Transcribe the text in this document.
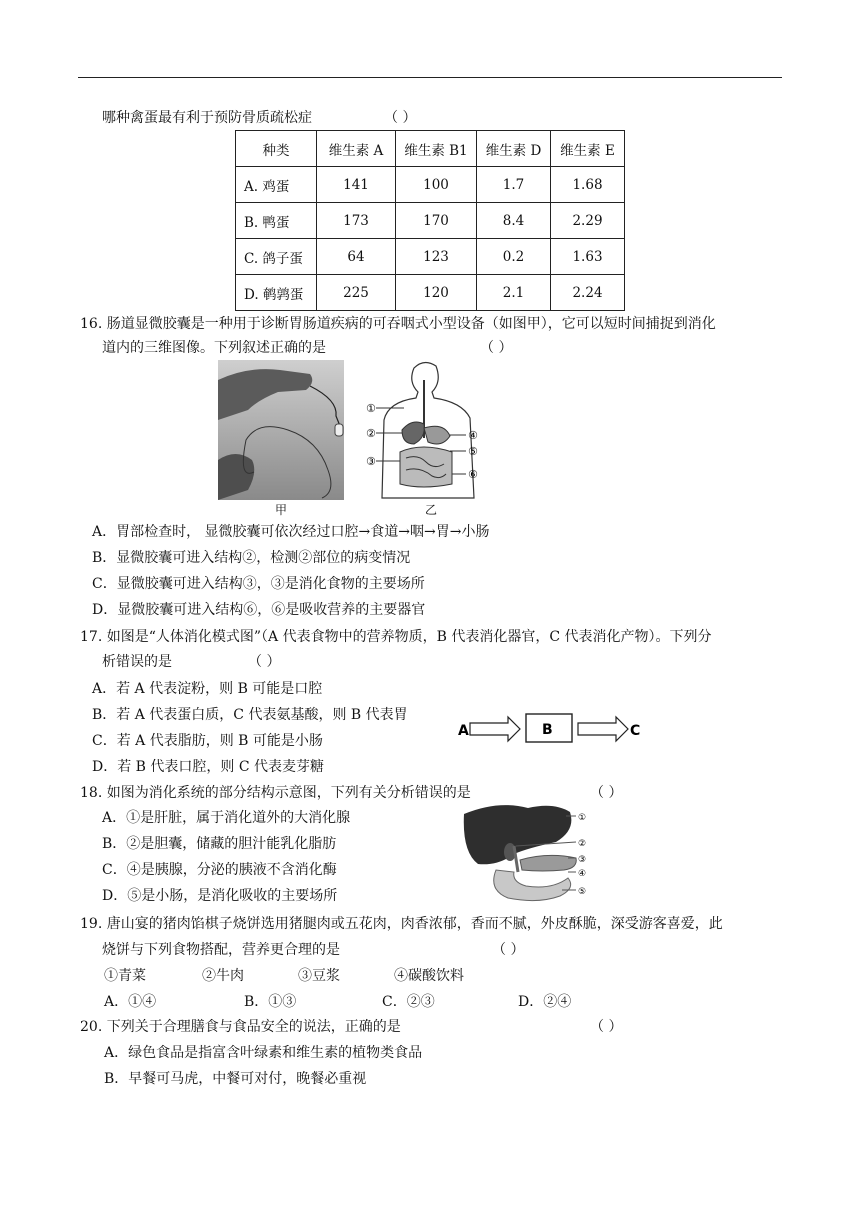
哪种禽蛋最有利于预防骨质疏松症	（ ）
种类	维生素 A	维生素 B1	维生素 D	维生素 E
A. 鸡蛋	141	100	1.7	1.68
B. 鸭蛋	173	170	8.4	2.29
C. 鸽子蛋	64	123	0.2	1.63
D. 鹌鹑蛋	225	120	2.1	2.24
16. 肠道显微胶囊是一种用于诊断胃肠道疾病的可吞咽式小型设备（如图甲），它可以短时间捕捉到消化
道内的三维图像。下列叙述正确的是	（ ）
甲
①
②
③
④
⑤
⑥
乙
A．胃部检查时， 显微胶囊可依次经过口腔→食道→咽→胃→小肠
B．显微胶囊可进入结构②，检测②部位的病变情况
C．显微胶囊可进入结构③，③是消化食物的主要场所
D．显微胶囊可进入结构⑥，⑥是吸收营养的主要器官
17. 如图是“人体消化模式图”（A 代表食物中的营养物质，B 代表消化器官，C 代表消化产物）。下列分
析错误的是	（ ）
A．若 A 代表淀粉，则 B 可能是口腔
B．若 A 代表蛋白质，C 代表氨基酸，则 B 代表胃
C．若 A 代表脂肪，则 B 可能是小肠
D．若 B 代表口腔，则 C 代表麦芽糖
A	B	C
18. 如图为消化系统的部分结构示意图，下列有关分析错误的是	（ ）
A．①是肝脏，属于消化道外的大消化腺
B．②是胆囊，储藏的胆汁能乳化脂肪
C．④是胰腺，分泌的胰液不含消化酶
D．⑤是小肠，是消化吸收的主要场所
①
②
③
④
⑤
19. 唐山宴的猪肉馅棋子烧饼选用猪腿肉或五花肉，肉香浓郁，香而不腻，外皮酥脆，深受游客喜爱，此
烧饼与下列食物搭配，营养更合理的是	（ ）
①青菜	②牛肉	③豆浆	④碳酸饮料
A．①④	B．①③	C．②③	D．②④
20. 下列关于合理膳食与食品安全的说法，正确的是	（ ）
A．绿色食品是指富含叶绿素和维生素的植物类食品
B．早餐可马虎，中餐可对付，晚餐必重视
